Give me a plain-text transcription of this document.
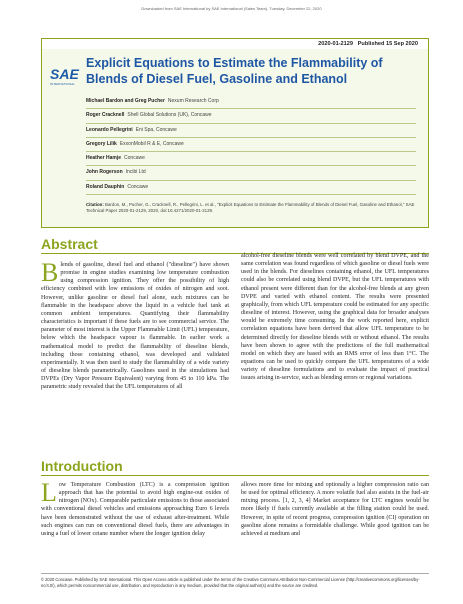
Downloaded from SAE International by SAE International (Sales Team), Tuesday, December 22, 2020
2020-01-2129 Published 15 Sep 2020
SAE
INTERNATIONAL
Explicit Equations to Estimate the Flammability of Blends of Diesel Fuel, Gasoline and Ethanol
Michael Bardon and Greg Pucher Nexum Research Corp
Roger Cracknell Shell Global Solutions (UK), Concawe
Leonardo Pellegrini Eni Spa, Concawe
Gregory Lilik ExxonMobil R & E, Concawe
Heather Hamje Concawe
John Rogerson Incibi Ltd
Roland Dauphin Concawe
Citation: Bardon, M., Pucher, G., Cracknell, R., Pellegrini, L. et al., "Explicit Equations to Estimate the Flammability of Blends of Diesel Fuel, Gasoline and Ethanol," SAE Technical Paper 2020-01-2129, 2020, doi:10.4271/2020-01-2129.
Abstract
Blends of gasoline, diesel fuel and ethanol ("dieseline") have shown promise in engine studies examining low temperature combustion using compression ignition. They offer the possibility of high efficiency combined with low emissions of oxides of nitrogen and soot. However, unlike gasoline or diesel fuel alone, such mixtures can be flammable in the headspace above the liquid in a vehicle fuel tank at common ambient temperatures. Quantifying their flammability characteristics is important if these fuels are to see commercial service. The parameter of most interest is the Upper Flammable Limit (UFL) temperature, below which the headspace vapour is flammable. In earlier work a mathematical model to predict the flammability of dieseline blends, including those containing ethanol, was developed and validated experimentally. It was then used to study the flammability of a wide variety of dieseline blends parametrically. Gasolines used in the simulations had DVPEs (Dry Vapor Pressure Equivalent) varying from 45 to 110 kPa. The parametric study revealed that the UFL temperatures of all
alcohol-free dieseline blends were well correlated by blend DVPE, and the same correlation was found regardless of which gasoline or diesel fuels were used in the blends. For dieselines containing ethanol, the UFL temperatures could also be correlated using blend DVPE, but the UFL temperatures with ethanol present were different than for the alcohol-free blends at any given DVPE and varied with ethanol content. The results were presented graphically, from which UFL temperature could be estimated for any specific dieseline of interest. However, using the graphical data for broader analyses would be extremely time consuming. In the work reported here, explicit correlation equations have been derived that allow UFL temperature to be determined directly for dieseline blends with or without ethanol. The results have been shown to agree with the predictions of the full mathematical model on which they are based with an RMS error of less than 1°C. The equations can be used to quickly compare the UFL temperatures of a wide variety of dieseline formulations and to evaluate the impact of practical issues arising in-service, such as blending errors or regional variations.
Introduction
Low Temperature Combustion (LTC) is a compression ignition approach that has the potential to avoid high engine-out oxides of nitrogen (NOx). Comparable particulate emissions to those associated with conventional diesel vehicles and emissions approaching Euro 6 levels have been demonstrated without the use of exhaust after-treatment. While such engines can run on conventional diesel fuels, there are advantages in using a fuel of lower cetane number where the longer ignition delay
allows more time for mixing and optionally a higher compression ratio can be used for optimal efficiency. A more volatile fuel also assists in the fuel-air mixing process. [1, 2, 3, 4] Market acceptance for LTC engines would be more likely if fuels currently available at the filling station could be used. However, in spite of recent progress, compression ignition (CI) operation on gasoline alone remains a formidable challenge. While good ignition can be achieved at medium and
© 2020 Concawe. Published by SAE International. This Open Access article is published under the terms of the Creative Commons Attribution Non-Commercial License (http://creativecommons.org/licenses/by-nc/4.0/), which permits noncommercial use, distribution, and reproduction in any medium, provided that the original author(s) and the source are credited.
